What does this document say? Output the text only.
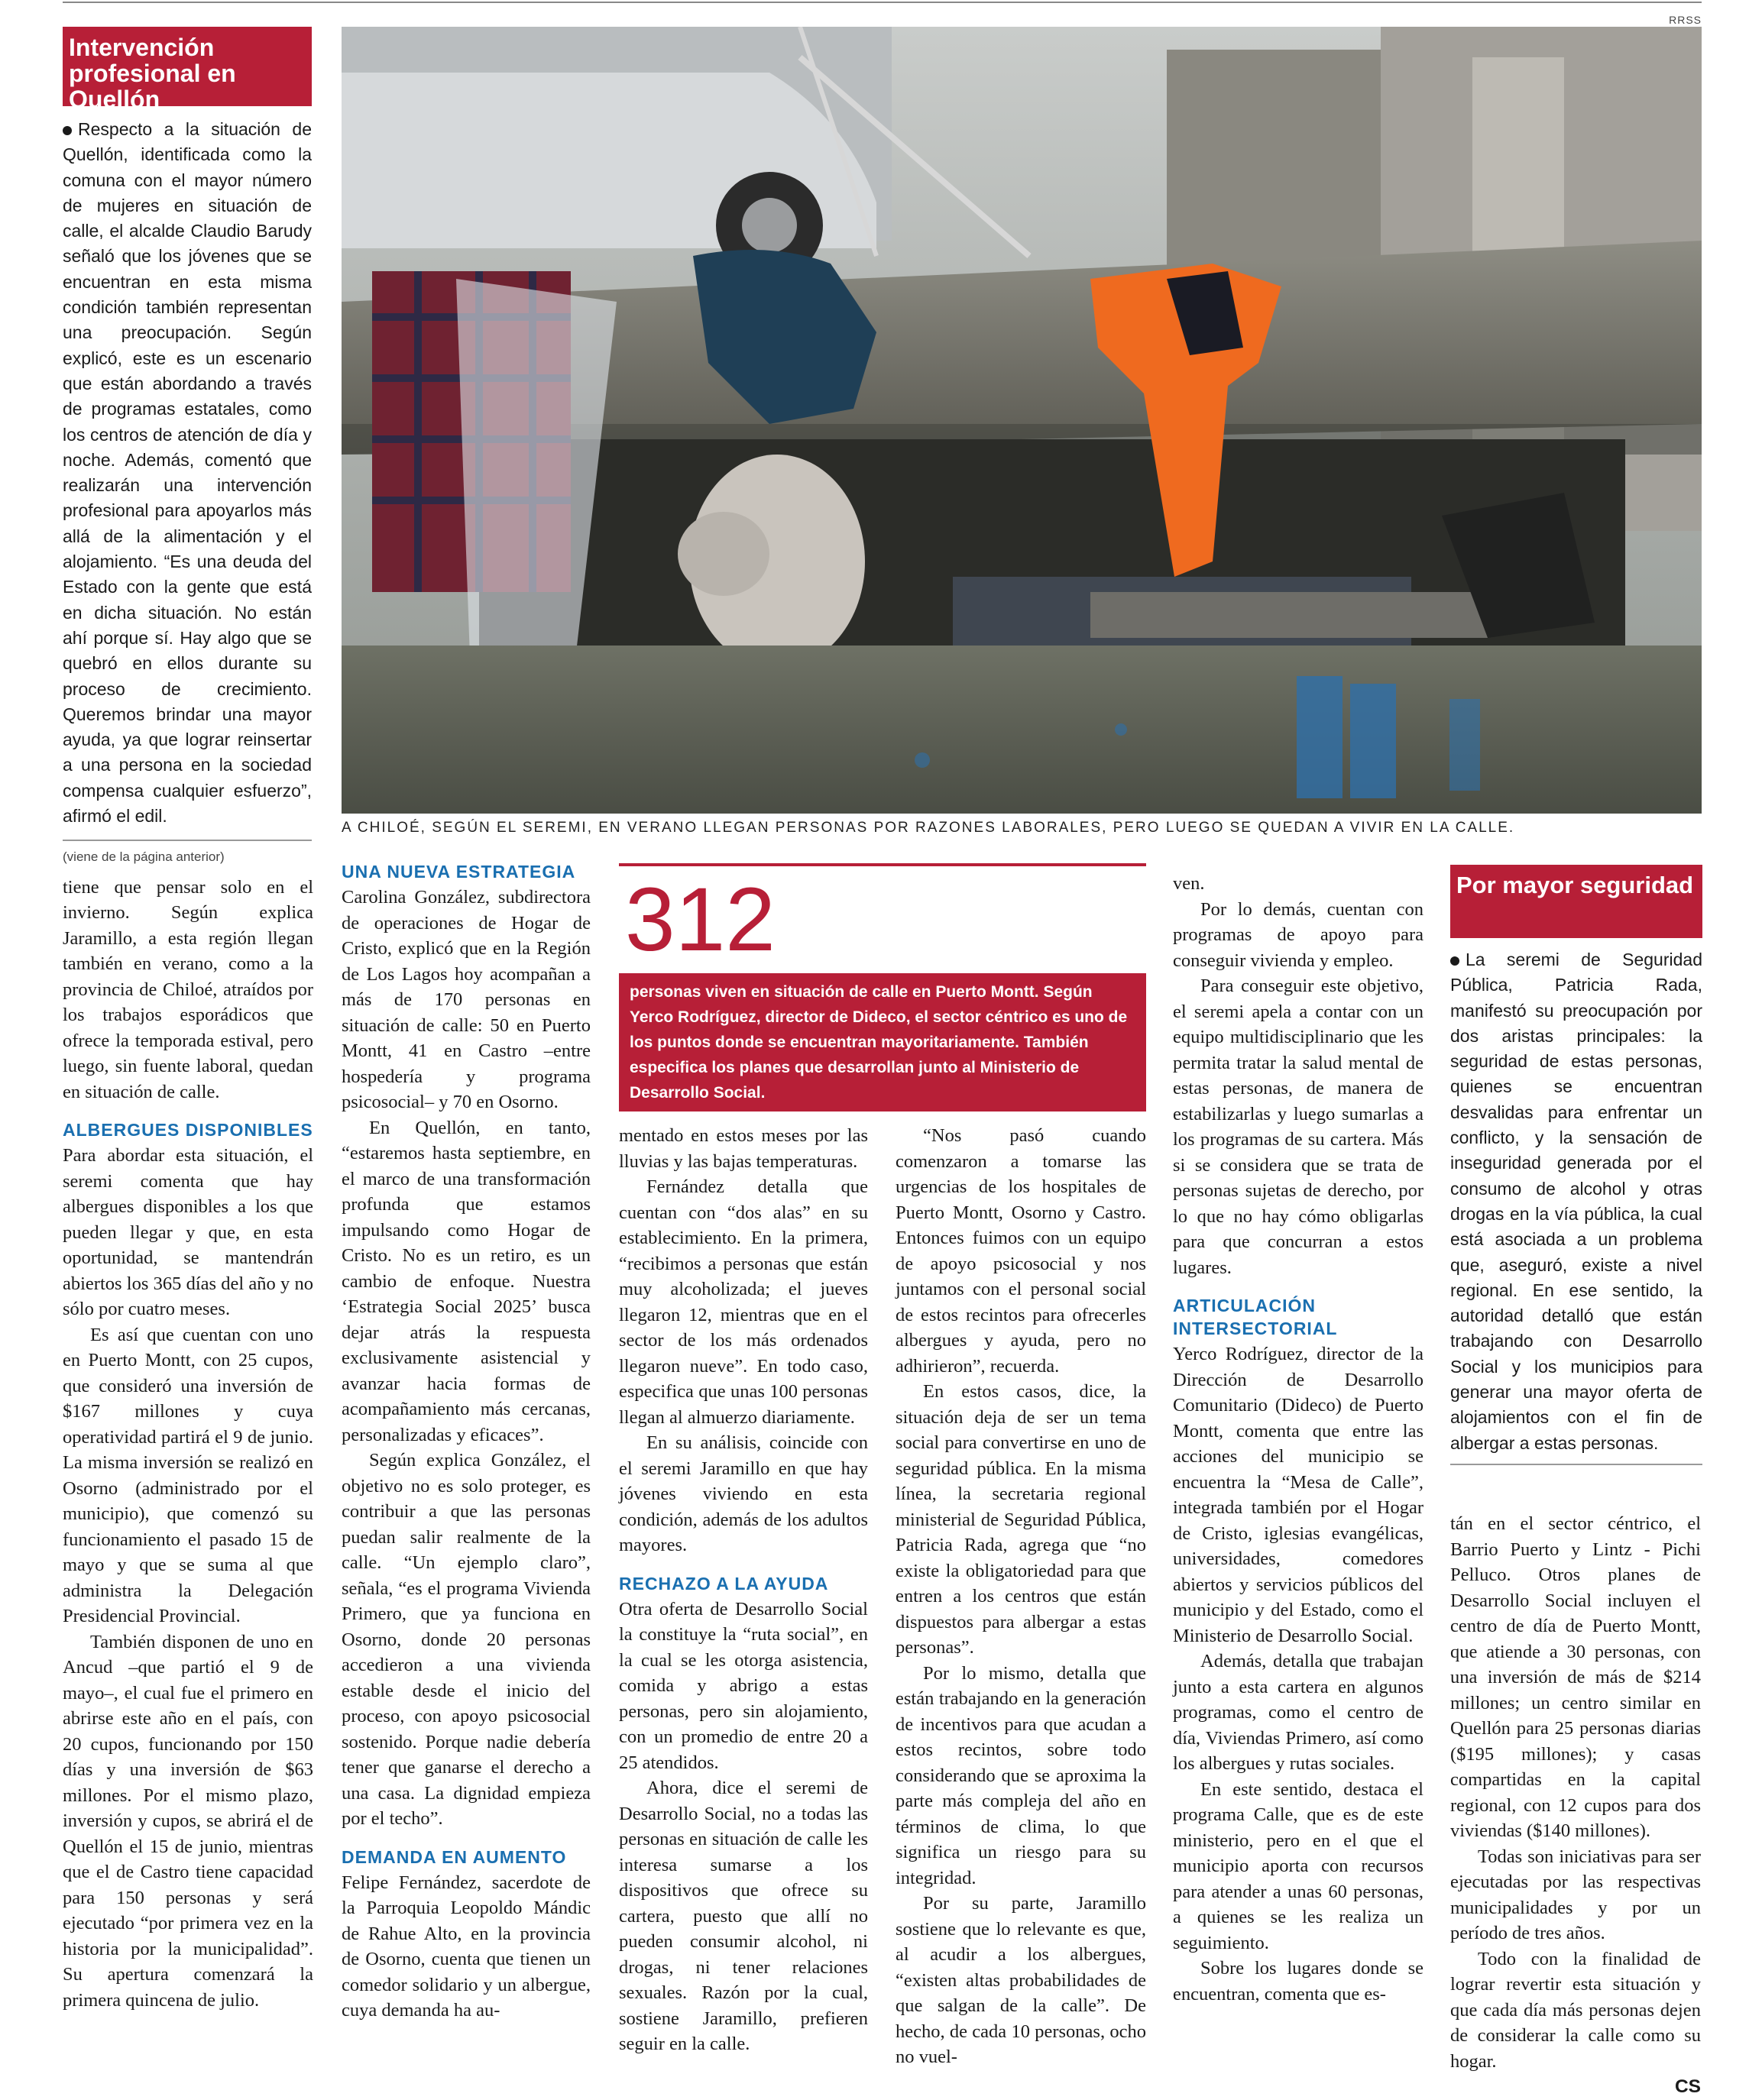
RRSS
A CHILOÉ, SEGÚN EL SEREMI, EN VERANO LLEGAN PERSONAS POR RAZONES LABORALES, PERO LUEGO SE QUEDAN A VIVIR EN LA CALLE.
Intervención profesional en Quellón

Respecto a la situación de Quellón, identificada como la comuna con el mayor número de mujeres en situación de calle, el alcalde Claudio Barudy señaló que los jóvenes que se encuentran en esta misma condición también representan una preocupación. Según explicó, este es un escenario que están abordando a través de programas estatales, como los centros de atención de día y noche. Además, comentó que realizarán una intervención profesional para apoyarlos más allá de la alimentación y el alojamiento. “Es una deuda del Estado con la gente que está en dicha situación. No están ahí porque sí. Hay algo que se quebró en ellos durante su proceso de crecimiento. Queremos brindar una mayor ayuda, ya que lograr reinsertar a una persona en la sociedad compensa cualquier esfuerzo”, afirmó el edil.

(viene de la página anterior)

tiene que pensar solo en el invierno. Según explica Jaramillo, a esta región llegan también en verano, como a la provincia de Chiloé, atraídos por los trabajos esporádicos que ofrece la temporada estival, pero luego, sin fuente laboral, quedan en situación de calle.

ALBERGUES DISPONIBLES

Para abordar esta situación, el seremi comenta que hay albergues disponibles a los que pueden llegar y que, en esta oportunidad, se mantendrán abiertos los 365 días del año y no sólo por cuatro meses.

Es así que cuentan con uno en Puerto Montt, con 25 cupos, que consideró una inversión de $167 millones y cuya operatividad partirá el 9 de junio. La misma inversión se realizó en Osorno (administrado por el municipio), que comenzó su funcionamiento el pasado 15 de mayo y que se suma al que administra la Delegación Presidencial Provincial.

También disponen de uno en Ancud –que partió el 9 de mayo–, el cual fue el primero en abrirse este año en el país, con 20 cupos, funcionando por 150 días y una inversión de $63 millones. Por el mismo plazo, inversión y cupos, se abrirá el de Quellón el 15 de junio, mientras que el de Castro tiene capacidad para 150 personas y será ejecutado “por primera vez en la historia por la municipalidad”. Su apertura comenzará la primera quincena de julio.

UNA NUEVA ESTRATEGIA

Carolina González, subdirectora de operaciones de Hogar de Cristo, explicó que en la Región de Los Lagos hoy acompañan a más de 170 personas en situación de calle: 50 en Puerto Montt, 41 en Castro –entre hospedería y programa psicosocial– y 70 en Osorno.

En Quellón, en tanto, “estaremos hasta septiembre, en el marco de una transformación profunda que estamos impulsando como Hogar de Cristo. No es un retiro, es un cambio de enfoque. Nuestra ‘Estrategia Social 2025’ busca dejar atrás la respuesta exclusivamente asistencial y avanzar hacia formas de acompañamiento más cercanas, personalizadas y eficaces”.

Según explica González, el objetivo no es solo proteger, es contribuir a que las personas puedan salir realmente de la calle. “Un ejemplo claro”, señala, “es el programa Vivienda Primero, que ya funciona en Osorno, donde 20 personas accedieron a una vivienda estable desde el inicio del proceso, con apoyo psicosocial sostenido. Porque nadie debería tener que ganarse el derecho a una casa. La dignidad empieza por el techo”.

DEMANDA EN AUMENTO

Felipe Fernández, sacerdote de la Parroquia Leopoldo Mándic de Rahue Alto, en la provincia de Osorno, cuenta que tienen un comedor solidario y un albergue, cuya demanda ha au-

312
personas viven en situación de calle en Puerto Montt. Según Yerco Rodríguez, director de Dideco, el sector céntrico es uno de los puntos donde se encuentran mayoritariamente. También especifica los planes que desarrollan junto al Ministerio de Desarrollo Social.

mentado en estos meses por las lluvias y las bajas temperaturas.

Fernández detalla que cuentan con “dos alas” en su establecimiento. En la primera, “recibimos a personas que están muy alcoholizada; el jueves llegaron 12, mientras que en el sector de los más ordenados llegaron nueve”. En todo caso, especifica que unas 100 personas llegan al almuerzo diariamente.

En su análisis, coincide con el seremi Jaramillo en que hay jóvenes viviendo en esta condición, además de los adultos mayores.

RECHAZO A LA AYUDA

Otra oferta de Desarrollo Social la constituye la “ruta social”, en la cual se les otorga asistencia, comida y abrigo a estas personas, pero sin alojamiento, con un promedio de entre 20 a 25 atendidos.

Ahora, dice el seremi de Desarrollo Social, no a todas las personas en situación de calle les interesa sumarse a los dispositivos que ofrece su cartera, puesto que allí no pueden consumir alcohol, ni drogas, ni tener relaciones sexuales. Razón por la cual, sostiene Jaramillo, prefieren seguir en la calle.

“Nos pasó cuando comenzaron a tomarse las urgencias de los hospitales de Puerto Montt, Osorno y Castro. Entonces fuimos con un equipo de apoyo psicosocial y nos juntamos con el personal social de estos recintos para ofrecerles albergues y ayuda, pero no adhirieron”, recuerda.

En estos casos, dice, la situación deja de ser un tema social para convertirse en uno de seguridad pública. En la misma línea, la secretaria regional ministerial de Seguridad Pública, Patricia Rada, agrega que “no existe la obligatoriedad para que entren a los centros que están dispuestos para albergar a estas personas”.

Por lo mismo, detalla que están trabajando en la generación de incentivos para que acudan a estos recintos, sobre todo considerando que se aproxima la parte más compleja del año en términos de clima, lo que significa un riesgo para su integridad.

Por su parte, Jaramillo sostiene que lo relevante es que, al acudir a los albergues, “existen altas probabilidades de que salgan de la calle”. De hecho, de cada 10 personas, ocho no vuel-

ven.

Por lo demás, cuentan con programas de apoyo para conseguir vivienda y empleo.

Para conseguir este objetivo, el seremi apela a contar con un equipo multidisciplinario que les permita tratar la salud mental de estas personas, de manera de estabilizarlas y luego sumarlas a los programas de su cartera. Más si se considera que se trata de personas sujetas de derecho, por lo que no hay cómo obligarlas para que concurran a estos lugares.

ARTICULACIÓN INTERSECTORIAL

Yerco Rodríguez, director de la Dirección de Desarrollo Comunitario (Dideco) de Puerto Montt, comenta que entre las acciones del municipio se encuentra la “Mesa de Calle”, integrada también por el Hogar de Cristo, iglesias evangélicas, universidades, comedores abiertos y servicios públicos del municipio y del Estado, como el Ministerio de Desarrollo Social.

Además, detalla que trabajan junto a esta cartera en algunos programas, como el centro de día, Viviendas Primero, así como los albergues y rutas sociales.

En este sentido, destaca el programa Calle, que es de este ministerio, pero en el que el municipio aporta con recursos para atender a unas 60 personas, a quienes se les realiza un seguimiento.

Sobre los lugares donde se encuentran, comenta que es-

Por mayor seguridad

La seremi de Seguridad Pública, Patricia Rada, manifestó su preocupación por dos aristas principales: la seguridad de estas personas, quienes se encuentran desvalidas para enfrentar un conflicto, y la sensación de inseguridad generada por el consumo de alcohol y otras drogas en la vía pública, la cual está asociada a un problema que, aseguró, existe a nivel regional. En ese sentido, la autoridad detalló que están trabajando con Desarrollo Social y los municipios para generar una mayor oferta de alojamientos con el fin de albergar a estas personas.

tán en el sector céntrico, el Barrio Puerto y Lintz - Pichi Pelluco. Otros planes de Desarrollo Social incluyen el centro de día de Puerto Montt, que atiende a 30 personas, con una inversión de más de $214 millones; un centro similar en Quellón para 25 personas diarias ($195 millones); y casas compartidas en la capital regional, con 12 cupos para dos viviendas ($140 millones).

Todas son iniciativas para ser ejecutadas por las respectivas municipalidades y por un período de tres años.

Todo con la finalidad de lograr revertir esta situación y que cada día más personas dejen de considerar la calle como su hogar.

CS
